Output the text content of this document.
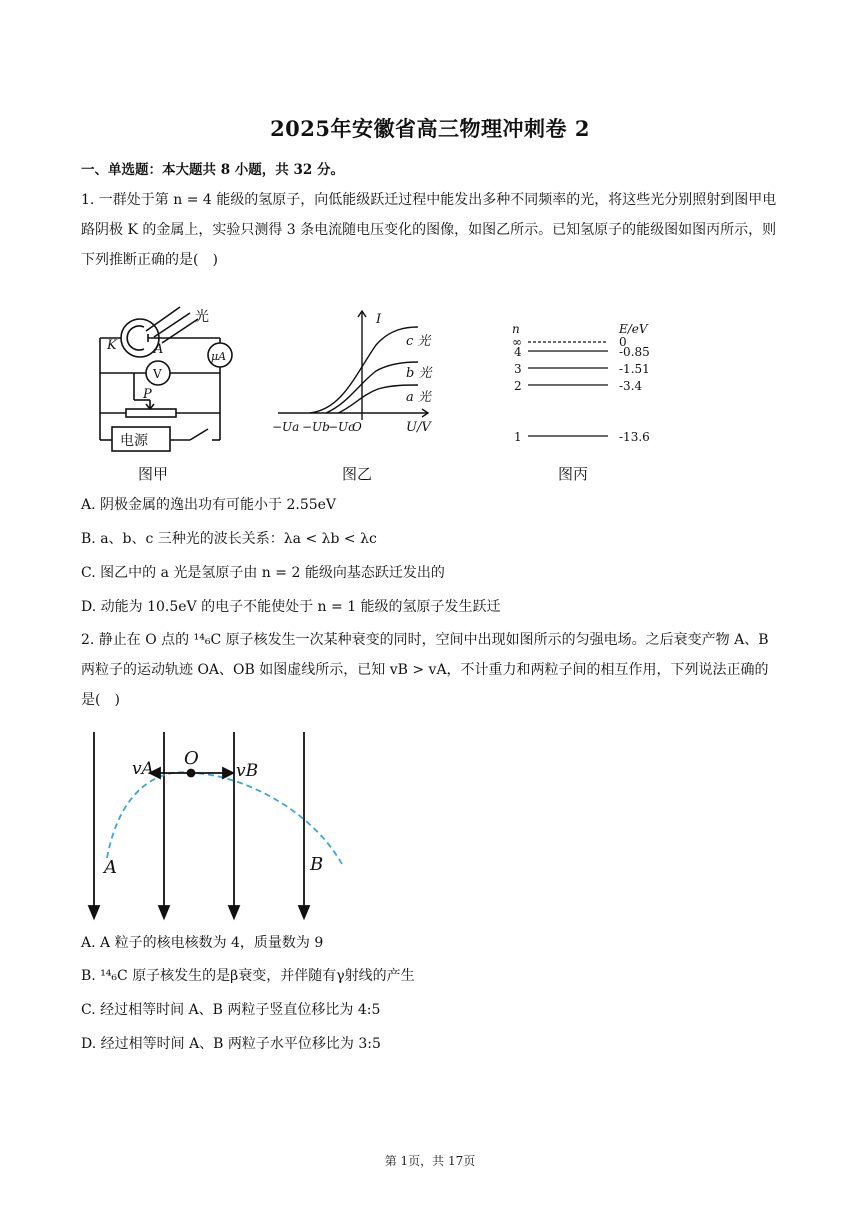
2025年安徽省高三物理冲刺卷 2
一、单选题：本大题共 8 小题，共 32 分。
1. 一群处于第 n = 4 能级的氢原子，向低能级跃迁过程中能发出多种不同频率的光，将这些光分别照射到图甲电路阴极 K 的金属上，实验只测得 3 条电流随电压变化的图像，如图乙所示。已知氢原子的能级图如图丙所示，则下列推断正确的是(　)
光
K	A	μA
V
P
电源
图甲
I
U/V
c 光
b 光
a 光
−Ua −Ub
−Uc
O
图乙
n	E/eV
∞	0
4	-0.85
3	-1.51
2	-3.4
1	-13.6
图丙
A. 阴极金属的逸出功有可能小于 2.55eV
B. a、b、c 三种光的波长关系：λa < λb < λc
C. 图乙中的 a 光是氢原子由 n = 2 能级向基态跃迁发出的
D. 动能为 10.5eV 的电子不能使处于 n = 1 能级的氢原子发生跃迁
2. 静止在 O 点的 ¹⁴₆C 原子核发生一次某种衰变的同时，空间中出现如图所示的匀强电场。之后衰变产物 A、B 两粒子的运动轨迹 OA、OB 如图虚线所示，已知 vB > vA，不计重力和两粒子间的相互作用，下列说法正确的是(　)
O
vA	vB
A	B
A. A 粒子的核电核数为 4，质量数为 9
B. ¹⁴₆C 原子核发生的是β衰变，并伴随有γ射线的产生
C. 经过相等时间 A、B 两粒子竖直位移比为 4:5
D. 经过相等时间 A、B 两粒子水平位移比为 3:5
第 1页，共 17页
